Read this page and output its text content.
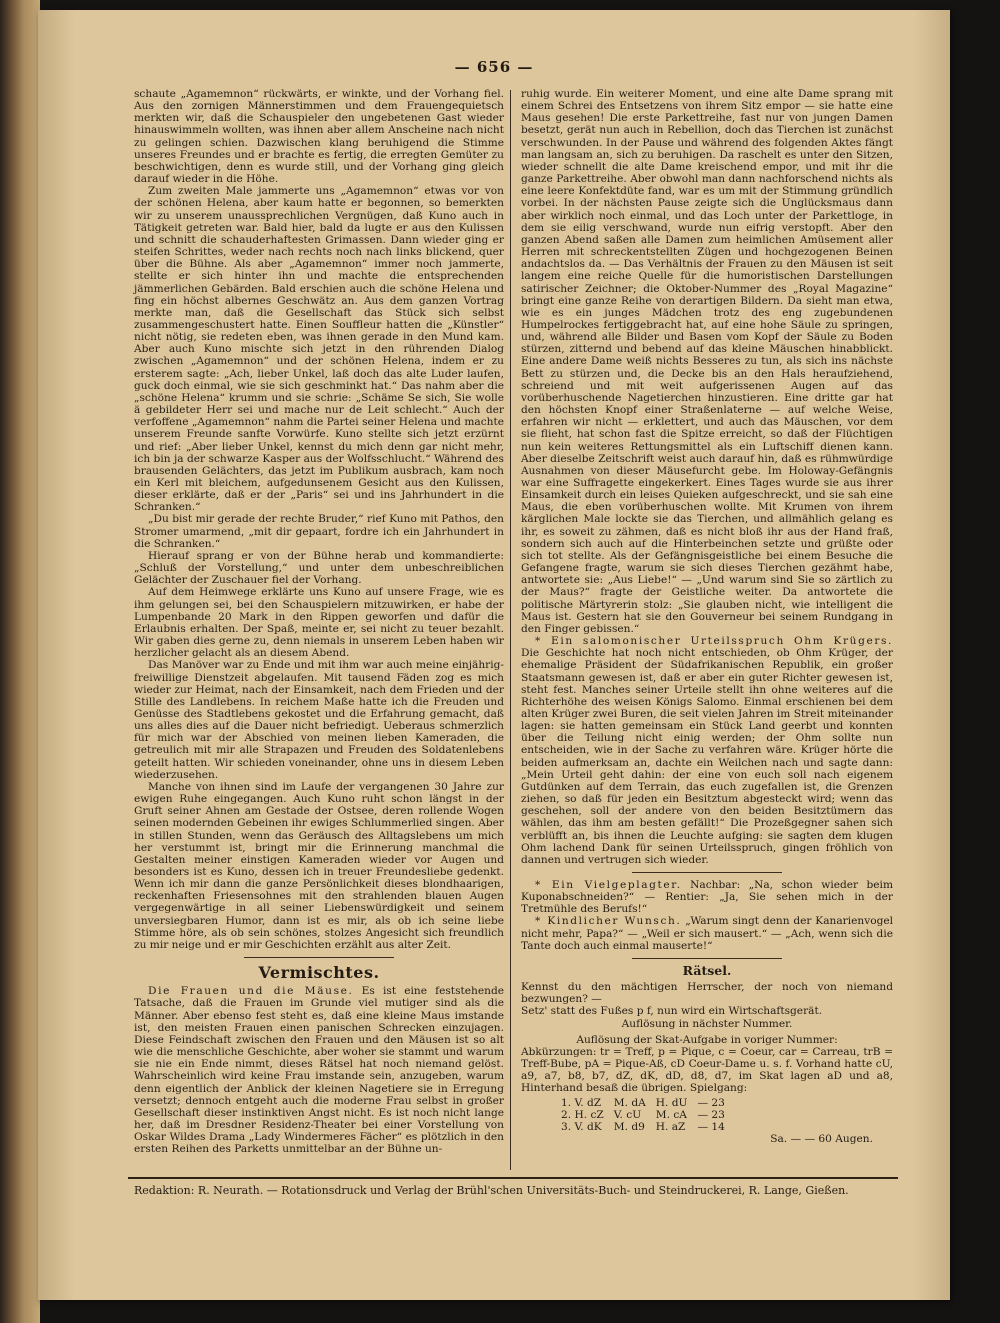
— 656 —

schaute „Agamemnon“ rückwärts, er winkte, und der Vorhang fiel. Aus den zornigen Männerstimmen und dem Frauengequietsch merkten wir, daß die Schauspieler den ungebetenen Gast wieder hinauswimmeln wollten, was ihnen aber allem Anscheine nach nicht zu gelingen schien. Dazwischen klang beruhigend die Stimme unseres Freundes und er brachte es fertig, die erregten Gemüter zu beschwichtigen, denn es wurde still, und der Vorhang ging gleich darauf wieder in die Höhe.

Zum zweiten Male jammerte uns „Agamemnon“ etwas vor von der schönen Helena, aber kaum hatte er begonnen, so bemerkten wir zu unserem unaussprechlichen Vergnügen, daß Kuno auch in Tätigkeit getreten war. Bald hier, bald da lugte er aus den Kulissen und schnitt die schauderhaftesten Grimassen. Dann wieder ging er steifen Schrittes, weder nach rechts noch nach links blickend, quer über die Bühne. Als aber „Agamemnon“ immer noch jammerte, stellte er sich hinter ihn und machte die entsprechenden jämmerlichen Gebärden. Bald erschien auch die schöne Helena und fing ein höchst albernes Geschwätz an. Aus dem ganzen Vortrag merkte man, daß die Gesellschaft das Stück sich selbst zusammengeschustert hatte. Einen Souffleur hatten die „Künstler“ nicht nötig, sie redeten eben, was ihnen gerade in den Mund kam. Aber auch Kuno mischte sich jetzt in den rührenden Dialog zwischen „Agamemnon“ und der schönen Helena, indem er zu ersterem sagte: „Ach, lieber Unkel, laß doch das alte Luder laufen, guck doch einmal, wie sie sich geschminkt hat.“ Das nahm aber die „schöne Helena“ krumm und sie schrie: „Schäme Se sich, Sie wolle ä gebildeter Herr sei und mache nur de Leit schlecht.“ Auch der verfoffene „Agamemnon“ nahm die Partei seiner Helena und machte unserem Freunde sanfte Vorwürfe. Kuno stellte sich jetzt erzürnt und rief: „Aber lieber Unkel, kennst du mich denn gar nicht mehr, ich bin ja der schwarze Kasper aus der Wolfsschlucht.“ Während des brausenden Gelächters, das jetzt im Publikum ausbrach, kam noch ein Kerl mit bleichem, aufgedunsenem Gesicht aus den Kulissen, dieser erklärte, daß er der „Paris“ sei und ins Jahrhundert in die Schranken.“

„Du bist mir gerade der rechte Bruder,“ rief Kuno mit Pathos, den Stromer umarmend, „mit dir gepaart, fordre ich ein Jahrhundert in die Schranken.“

Hierauf sprang er von der Bühne herab und kommandierte: „Schluß der Vorstellung,“ und unter dem unbeschreiblichen Gelächter der Zuschauer fiel der Vorhang.

Auf dem Heimwege erklärte uns Kuno auf unsere Frage, wie es ihm gelungen sei, bei den Schauspielern mitzuwirken, er habe der Lumpenbande 20 Mark in den Rippen geworfen und dafür die Erlaubnis erhalten. Der Spaß, meinte er, sei nicht zu teuer bezahlt. Wir gaben dies gerne zu, denn niemals in unserem Leben haben wir herzlicher gelacht als an diesem Abend.

Das Manöver war zu Ende und mit ihm war auch meine einjährig-freiwillige Dienstzeit abgelaufen. Mit tausend Fäden zog es mich wieder zur Heimat, nach der Einsamkeit, nach dem Frieden und der Stille des Landlebens. In reichem Maße hatte ich die Freuden und Genüsse des Stadtlebens gekostet und die Erfahrung gemacht, daß uns alles dies auf die Dauer nicht befriedigt. Ueberaus schmerzlich für mich war der Abschied von meinen lieben Kameraden, die getreulich mit mir alle Strapazen und Freuden des Soldatenlebens geteilt hatten. Wir schieden voneinander, ohne uns in diesem Leben wiederzusehen.

Manche von ihnen sind im Laufe der vergangenen 30 Jahre zur ewigen Ruhe eingegangen. Auch Kuno ruht schon längst in der Gruft seiner Ahnen am Gestade der Ostsee, deren rollende Wogen seinen modernden Gebeinen ihr ewiges Schlummerlied singen. Aber in stillen Stunden, wenn das Geräusch des Alltagslebens um mich her verstummt ist, bringt mir die Erinnerung manchmal die Gestalten meiner einstigen Kameraden wieder vor Augen und besonders ist es Kuno, dessen ich in treuer Freundesliebe gedenkt. Wenn ich mir dann die ganze Persönlichkeit dieses blondhaarigen, reckenhaften Friesensohnes mit den strahlenden blauen Augen vergegenwärtige in all seiner Liebenswürdigkeit und seinem unversiegbaren Humor, dann ist es mir, als ob ich seine liebe Stimme höre, als ob sein schönes, stolzes Angesicht sich freundlich zu mir neige und er mir Geschichten erzählt aus alter Zeit.

Vermischtes.

Die Frauen und die Mäuse. Es ist eine feststehende Tatsache, daß die Frauen im Grunde viel mutiger sind als die Männer. Aber ebenso fest steht es, daß eine kleine Maus imstande ist, den meisten Frauen einen panischen Schrecken einzujagen. Diese Feindschaft zwischen den Frauen und den Mäusen ist so alt wie die menschliche Geschichte, aber woher sie stammt und warum sie nie ein Ende nimmt, dieses Rätsel hat noch niemand gelöst. Wahrscheinlich wird keine Frau imstande sein, anzugeben, warum denn eigentlich der Anblick der kleinen Nagetiere sie in Erregung versetzt; dennoch entgeht auch die moderne Frau selbst in großer Gesellschaft dieser instinktiven Angst nicht. Es ist noch nicht lange her, daß im Dresdner Residenz-Theater bei einer Vorstellung von Oskar Wildes Drama „Lady Windermeres Fächer“ es plötzlich in den ersten Reihen des Parketts unmittelbar an der Bühne un-

ruhig wurde. Ein weiterer Moment, und eine alte Dame sprang mit einem Schrei des Entsetzens von ihrem Sitz empor — sie hatte eine Maus gesehen! Die erste Parkettreihe, fast nur von jungen Damen besetzt, gerät nun auch in Rebellion, doch das Tierchen ist zunächst verschwunden. In der Pause und während des folgenden Aktes fängt man langsam an, sich zu beruhigen. Da raschelt es unter den Sitzen, wieder schnellt die alte Dame kreischend empor, und mit ihr die ganze Parkettreihe. Aber obwohl man dann nachforschend nichts als eine leere Konfektdüte fand, war es um mit der Stimmung gründlich vorbei. In der nächsten Pause zeigte sich die Unglücksmaus dann aber wirklich noch einmal, und das Loch unter der Parkettloge, in dem sie eilig verschwand, wurde nun eifrig verstopft. Aber den ganzen Abend saßen alle Damen zum heimlichen Amüsement aller Herren mit schreckentstellten Zügen und hochgezogenen Beinen andachtslos da. — Das Verhältnis der Frauen zu den Mäusen ist seit langem eine reiche Quelle für die humoristischen Darstellungen satirischer Zeichner; die Oktober-Nummer des „Royal Magazine“ bringt eine ganze Reihe von derartigen Bildern. Da sieht man etwa, wie es ein junges Mädchen trotz des eng zugebundenen Humpelrockes fertiggebracht hat, auf eine hohe Säule zu springen, und, während alle Bilder und Basen vom Kopf der Säule zu Boden stürzen, zitternd und bebend auf das kleine Mäuschen hinabblickt. Eine andere Dame weiß nichts Besseres zu tun, als sich ins nächste Bett zu stürzen und, die Decke bis an den Hals heraufziehend, schreiend und mit weit aufgerissenen Augen auf das vorüberhuschende Nagetierchen hinzustieren. Eine dritte gar hat den höchsten Knopf einer Straßenlaterne — auf welche Weise, erfahren wir nicht — erklettert, und auch das Mäuschen, vor dem sie flieht, hat schon fast die Spitze erreicht, so daß der Flüchtigen nun kein weiteres Rettungsmittel als ein Luftschiff dienen kann. Aber dieselbe Zeitschrift weist auch darauf hin, daß es rühmwürdige Ausnahmen von dieser Mäusefurcht gebe. Im Holoway-Gefängnis war eine Suffragette eingekerkert. Eines Tages wurde sie aus ihrer Einsamkeit durch ein leises Quieken aufgeschreckt, und sie sah eine Maus, die eben vorüberhuschen wollte. Mit Krumen von ihrem kärglichen Male lockte sie das Tierchen, und allmählich gelang es ihr, es soweit zu zähmen, daß es nicht bloß ihr aus der Hand fraß, sondern sich auch auf die Hinterbeinchen setzte und grüßte oder sich tot stellte. Als der Gefängnisgeistliche bei einem Besuche die Gefangene fragte, warum sie sich dieses Tierchen gezähmt habe, antwortete sie: „Aus Liebe!“ — „Und warum sind Sie so zärtlich zu der Maus?“ fragte der Geistliche weiter. Da antwortete die politische Märtyrerin stolz: „Sie glauben nicht, wie intelligent die Maus ist. Gestern hat sie den Gouverneur bei seinem Rundgang in den Finger gebissen.“

* Ein salomonischer Urteilsspruch Ohm Krügers. Die Geschichte hat noch nicht entschieden, ob Ohm Krüger, der ehemalige Präsident der Südafrikanischen Republik, ein großer Staatsmann gewesen ist, daß er aber ein guter Richter gewesen ist, steht fest. Manches seiner Urteile stellt ihn ohne weiteres auf die Richterhöhe des weisen Königs Salomo. Einmal erschienen bei dem alten Krüger zwei Buren, die seit vielen Jahren im Streit miteinander lagen: sie hatten gemeinsam ein Stück Land geerbt und konnten über die Teilung nicht einig werden; der Ohm sollte nun entscheiden, wie in der Sache zu verfahren wäre. Krüger hörte die beiden aufmerksam an, dachte ein Weilchen nach und sagte dann: „Mein Urteil geht dahin: der eine von euch soll nach eigenem Gutdünken auf dem Terrain, das euch zugefallen ist, die Grenzen ziehen, so daß für jeden ein Besitztum abgesteckt wird; wenn das geschehen, soll der andere von den beiden Besitztümern das wählen, das ihm am besten gefällt!“ Die Prozeßgegner sahen sich verblüfft an, bis ihnen die Leuchte aufging: sie sagten dem klugen Ohm lachend Dank für seinen Urteilsspruch, gingen fröhlich von dannen und vertrugen sich wieder.

* Ein Vielgeplagter. Nachbar: „Na, schon wieder beim Kuponabschneiden?“ — Rentier: „Ja, Sie sehen mich in der Tretmühle des Berufs!“

* Kindlicher Wunsch. „Warum singt denn der Kanarienvogel nicht mehr, Papa?“ — „Weil er sich mausert.“ — „Ach, wenn sich die Tante doch auch einmal mauserte!“

Rätsel.

Kennst du den mächtigen Herrscher, der noch von niemand bezwungen? —

Setz' statt des Fußes p f, nun wird ein Wirtschaftsgerät.

Auflösung in nächster Nummer.

Auflösung der Skat-Aufgabe in voriger Nummer:

Abkürzungen: tr = Treff, p = Pique, c = Coeur, car = Carreau, trB = Treff-Bube, pA = Pique-Aß, cD Coeur-Dame u. s. f. Vorhand hatte cU, a9, a7, b8, b7, dZ, dK, dD, d8, d7, im Skat lagen aD und a8, Hinterhand besaß die übrigen. Spielgang:

1. V. dZ	M. dA	H. dU	— 23
2. H. cZ	V. cU	M. cA	— 23
3. V. dK	M. d9	H. aZ	— 14

Sa. — — 60 Augen.

Redaktion: R. Neurath. — Rotationsdruck und Verlag der Brühl'schen Universitäts-Buch- und Steindruckerei, R. Lange, Gießen.
